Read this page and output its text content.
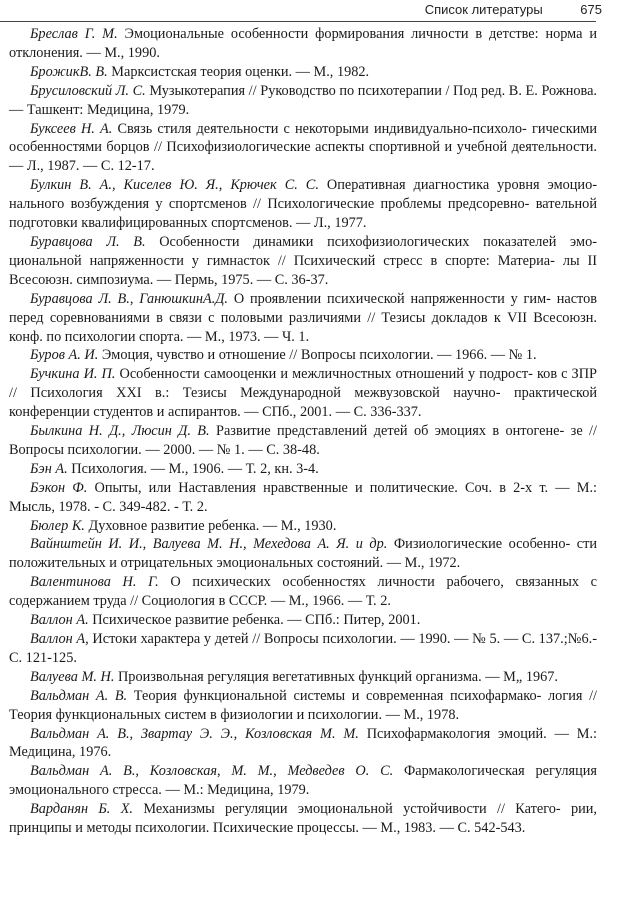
Список литературы	675

Бреслав Г. М. Эмоциональные особенности формирования личности в детстве: норма и отклонения. — М., 1990.

БрожикВ. В. Марксистская теория оценки. — М., 1982.

Брусиловский Л. С. Музыкотерапия // Руководство по психотерапии / Под ред. В. Е. Рожнова. — Ташкент: Медицина, 1979.

Буксеев Н. А. Связь стиля деятельности с некоторыми индивидуально-психоло- гическими особенностями борцов // Психофизиологические аспекты спортивной и учебной деятельности. — Л., 1987. — С. 12-17.

Булкин В. А., Киселев Ю. Я., Крючек С. С. Оперативная диагностика уровня эмоцио- нального возбуждения у спортсменов // Психологические проблемы предсоревно- вательной подготовки квалифицированных спортсменов. — Л., 1977.

Буравцова Л. В. Особенности динамики психофизиологических показателей эмо- циональной напряженности у гимнасток // Психический стресс в спорте: Материа- лы II Всесоюзн. симпозиума. — Пермь, 1975. — С. 36-37.

Буравцова Л. В., ГанюшкинА.Д. О проявлении психической напряженности у гим- настов перед соревнованиями в связи с половыми различиями // Тезисы докладов к VII Всесоюзн. конф. по психологии спорта. — М., 1973. — Ч. 1.

Буров А. И. Эмоция, чувство и отношение // Вопросы психологии. — 1966. — № 1.

Бучкина И. П. Особенности самооценки и межличностных отношений у подрост- ков с ЗПР // Психология XXI в.: Тезисы Международной межвузовской научно- практической конференции студентов и аспирантов. — СПб., 2001. — С. 336-337.

Былкина Н. Д., Люсин Д. В. Развитие представлений детей об эмоциях в онтогене- зе // Вопросы психологии. — 2000. — № 1. — С. 38-48.

Бэн А. Психология. — М., 1906. — Т. 2, кн. 3-4.

Бэкон Ф. Опыты, или Наставления нравственные и политические. Соч. в 2-х т. — М.: Мысль, 1978. - С. 349-482. - Т. 2.

Бюлер К. Духовное развитие ребенка. — М., 1930.

Вайнштейн И. И., Валуева М. Н., Мехедова А. Я. и др. Физиологические особенно- сти положительных и отрицательных эмоциональных состояний. — М., 1972.

Валентинова Н. Г. О психических особенностях личности рабочего, связанных с содержанием труда // Социология в СССР. — М., 1966. — Т. 2.

Валлон А. Психическое развитие ребенка. — СПб.: Питер, 2001.

Валлон А, Истоки характера у детей // Вопросы психологии. — 1990. — № 5. — С. 137.;№6.-С. 121-125.

Валуева М. Н. Произвольная регуляция вегетативных функций организма. — М„ 1967.

Вальдман А. В. Теория функциональной системы и современная психофармако- логия // Теория функциональных систем в физиологии и психологии. — М., 1978.

Вальдман А. В., Звартау Э. Э., Козловская М. М. Психофармакология эмоций. — М.: Медицина, 1976.

Вальдман А. В., Козловская, М. М., Медведев О. С. Фармакологическая регуляция эмоционального стресса. — М.: Медицина, 1979.

Варданян Б. Х. Механизмы регуляции эмоциональной устойчивости // Катего- рии, принципы и методы психологии. Психические процессы. — М., 1983. — С. 542-543.
